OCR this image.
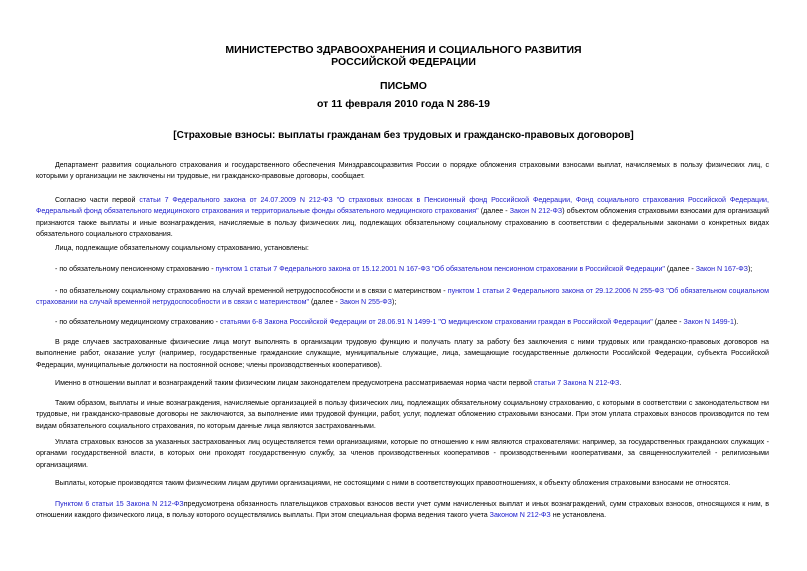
МИНИСТЕРСТВО ЗДРАВООХРАНЕНИЯ И СОЦИАЛЬНОГО РАЗВИТИЯ
РОССИЙСКОЙ ФЕДЕРАЦИИ
ПИСЬМО
от 11 февраля 2010 года N 286-19
[Страховые взносы: выплаты гражданам без трудовых и гражданско-правовых договоров]

Департамент развития социального страхования и государственного обеспечения Минздравсоцразвития России о порядке обложения страховыми взносами выплат, начисляемых в пользу физических лиц, с которыми у организации не заключены ни трудовые, ни гражданско-правовые договоры, сообщает.

Согласно части первой статьи 7 Федерального закона от 24.07.2009 N 212-ФЗ "О страховых взносах в Пенсионный фонд Российской Федерации, Фонд социального страхования Российской Федерации, Федеральный фонд обязательного медицинского страхования и территориальные фонды обязательного медицинского страхования" (далее - Закон N 212-ФЗ) объектом обложения страховыми взносами для организаций признаются также выплаты и иные вознаграждения, начисляемые в пользу физических лиц, подлежащих обязательному социальному страхованию в соответствии с федеральными законами о конкретных видах обязательного социального страхования.

Лица, подлежащие обязательному социальному страхованию, установлены:

- по обязательному пенсионному страхованию - пунктом 1 статьи 7 Федерального закона от 15.12.2001 N 167-ФЗ "Об обязательном пенсионном страховании в Российской Федерации" (далее - Закон N 167-ФЗ);

- по обязательному социальному страхованию на случай временной нетрудоспособности и в связи с материнством - пунктом 1 статьи 2 Федерального закона от 29.12.2006 N 255-ФЗ "Об обязательном социальном страховании на случай временной нетрудоспособности и в связи с материнством" (далее - Закон N 255-ФЗ);

- по обязательному медицинскому страхованию - статьями 6-8 Закона Российской Федерации от 28.06.91 N 1499-1 "О медицинском страховании граждан в Российской Федерации" (далее - Закон N 1499-1).

В ряде случаев застрахованные физические лица могут выполнять в организации трудовую функцию и получать плату за работу без заключения с ними трудовых или гражданско-правовых договоров на выполнение работ, оказание услуг (например, государственные гражданские служащие, муниципальные служащие, лица, замещающие государственные должности Российской Федерации, субъекта Российской Федерации, муниципальные должности на постоянной основе; члены производственных кооперативов).

Именно в отношении выплат и вознаграждений таким физическим лицам законодателем предусмотрена рассматриваемая норма части первой статьи 7 Закона N 212-ФЗ.

Таким образом, выплаты и иные вознаграждения, начисляемые организацией в пользу физических лиц, подлежащих обязательному социальному страхованию, с которыми в соответствии с законодательством ни трудовые, ни гражданско-правовые договоры не заключаются, за выполнение ими трудовой функции, работ, услуг, подлежат обложению страховыми взносами. При этом уплата страховых взносов производится по тем видам обязательного социального страхования, по которым данные лица являются застрахованными.

Уплата страховых взносов за указанных застрахованных лиц осуществляется теми организациями, которые по отношению к ним являются страхователями: например, за государственных гражданских служащих - органами государственной власти, в которых они проходят государственную службу, за членов производственных кооперативов - производственными кооперативами, за священнослужителей - религиозными организациями.

Выплаты, которые производятся таким физическим лицам другими организациями, не состоящими с ними в соответствующих правоотношениях, к объекту обложения страховыми взносами не относятся.

Пунктом 6 статьи 15 Закона N 212-ФЗпредусмотрена обязанность плательщиков страховых взносов вести учет сумм начисленных выплат и иных вознаграждений, сумм страховых взносов, относящихся к ним, в отношении каждого физического лица, в пользу которого осуществлялись выплаты. При этом специальная форма ведения такого учета Законом N 212-ФЗ не установлена.
